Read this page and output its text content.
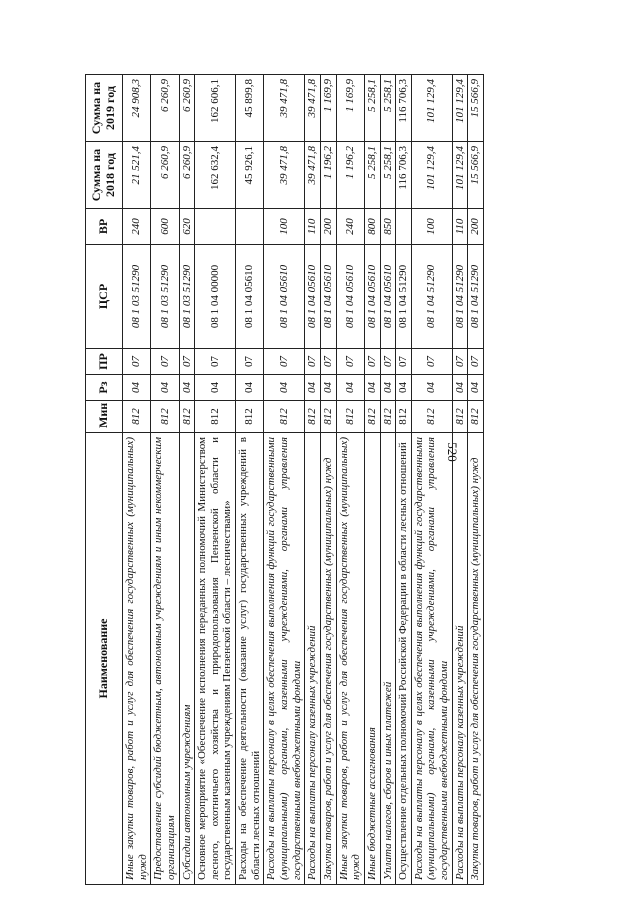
520
Наименование	Мин	Рз	ПР	ЦСР	ВР	Сумма на 2018 год	Сумма на 2019 год
Иные закупки товаров, работ и услуг для обеспечения государственных (муниципальных) нужд	812	04	07	08 1 03 51290	240	21 521,4	24 908,3
Предоставление субсидий бюджетным, автономным учреждениям и иным некоммерческим организациям	812	04	07	08 1 03 51290	600	6 260,9	6 260,9
Субсидии автономным учреждениям	812	04	07	08 1 03 51290	620	6 260,9	6 260,9
Основное мероприятие «Обеспечение исполнения переданных полномочий Министерством лесного, охотничьего хозяйства и природопользования Пензенской области и государственным казенным учреждениям Пензенской области – лесничествами»	812	04	07	08 1 04 00000		162 632,4	162 606,1
Расходы на обеспечение деятельности (оказание услуг) государственных учреждений в области лесных отношений	812	04	07	08 1 04 05610		45 926,1	45 899,8
Расходы на выплаты персоналу в целях обеспечения выполнения функций государственными (муниципальными) органами, казенными учреждениями, органами управления государственными внебюджетными фондами	812	04	07	08 1 04 05610	100	39 471,8	39 471,8
Расходы на выплаты персоналу казенных учреждений	812	04	07	08 1 04 05610	110	39 471,8	39 471,8
Закупка товаров, работ и услуг для обеспечения государственных (муниципальных) нужд	812	04	07	08 1 04 05610	200	1 196,2	1 169,9
Иные закупки товаров, работ и услуг для обеспечения государственных (муниципальных) нужд	812	04	07	08 1 04 05610	240	1 196,2	1 169,9
Иные бюджетные ассигнования	812	04	07	08 1 04 05610	800	5 258,1	5 258,1
Уплата налогов, сборов и иных платежей	812	04	07	08 1 04 05610	850	5 258,1	5 258,1
Осуществление отдельных полномочий Российской Федерации в области лесных отношений	812	04	07	08 1 04 51290		116 706,3	116 706,3
Расходы на выплаты персоналу в целях обеспечения выполнения функций государственными (муниципальными) органами, казенными учреждениями, органами управления государственными внебюджетными фондами	812	04	07	08 1 04 51290	100	101 129,4	101 129,4
Расходы на выплаты персоналу казенных учреждений	812	04	07	08 1 04 51290	110	101 129,4	101 129,4
Закупка товаров, работ и услуг для обеспечения государственных (муниципальных) нужд	812	04	07	08 1 04 51290	200	15 566,9	15 566,9
